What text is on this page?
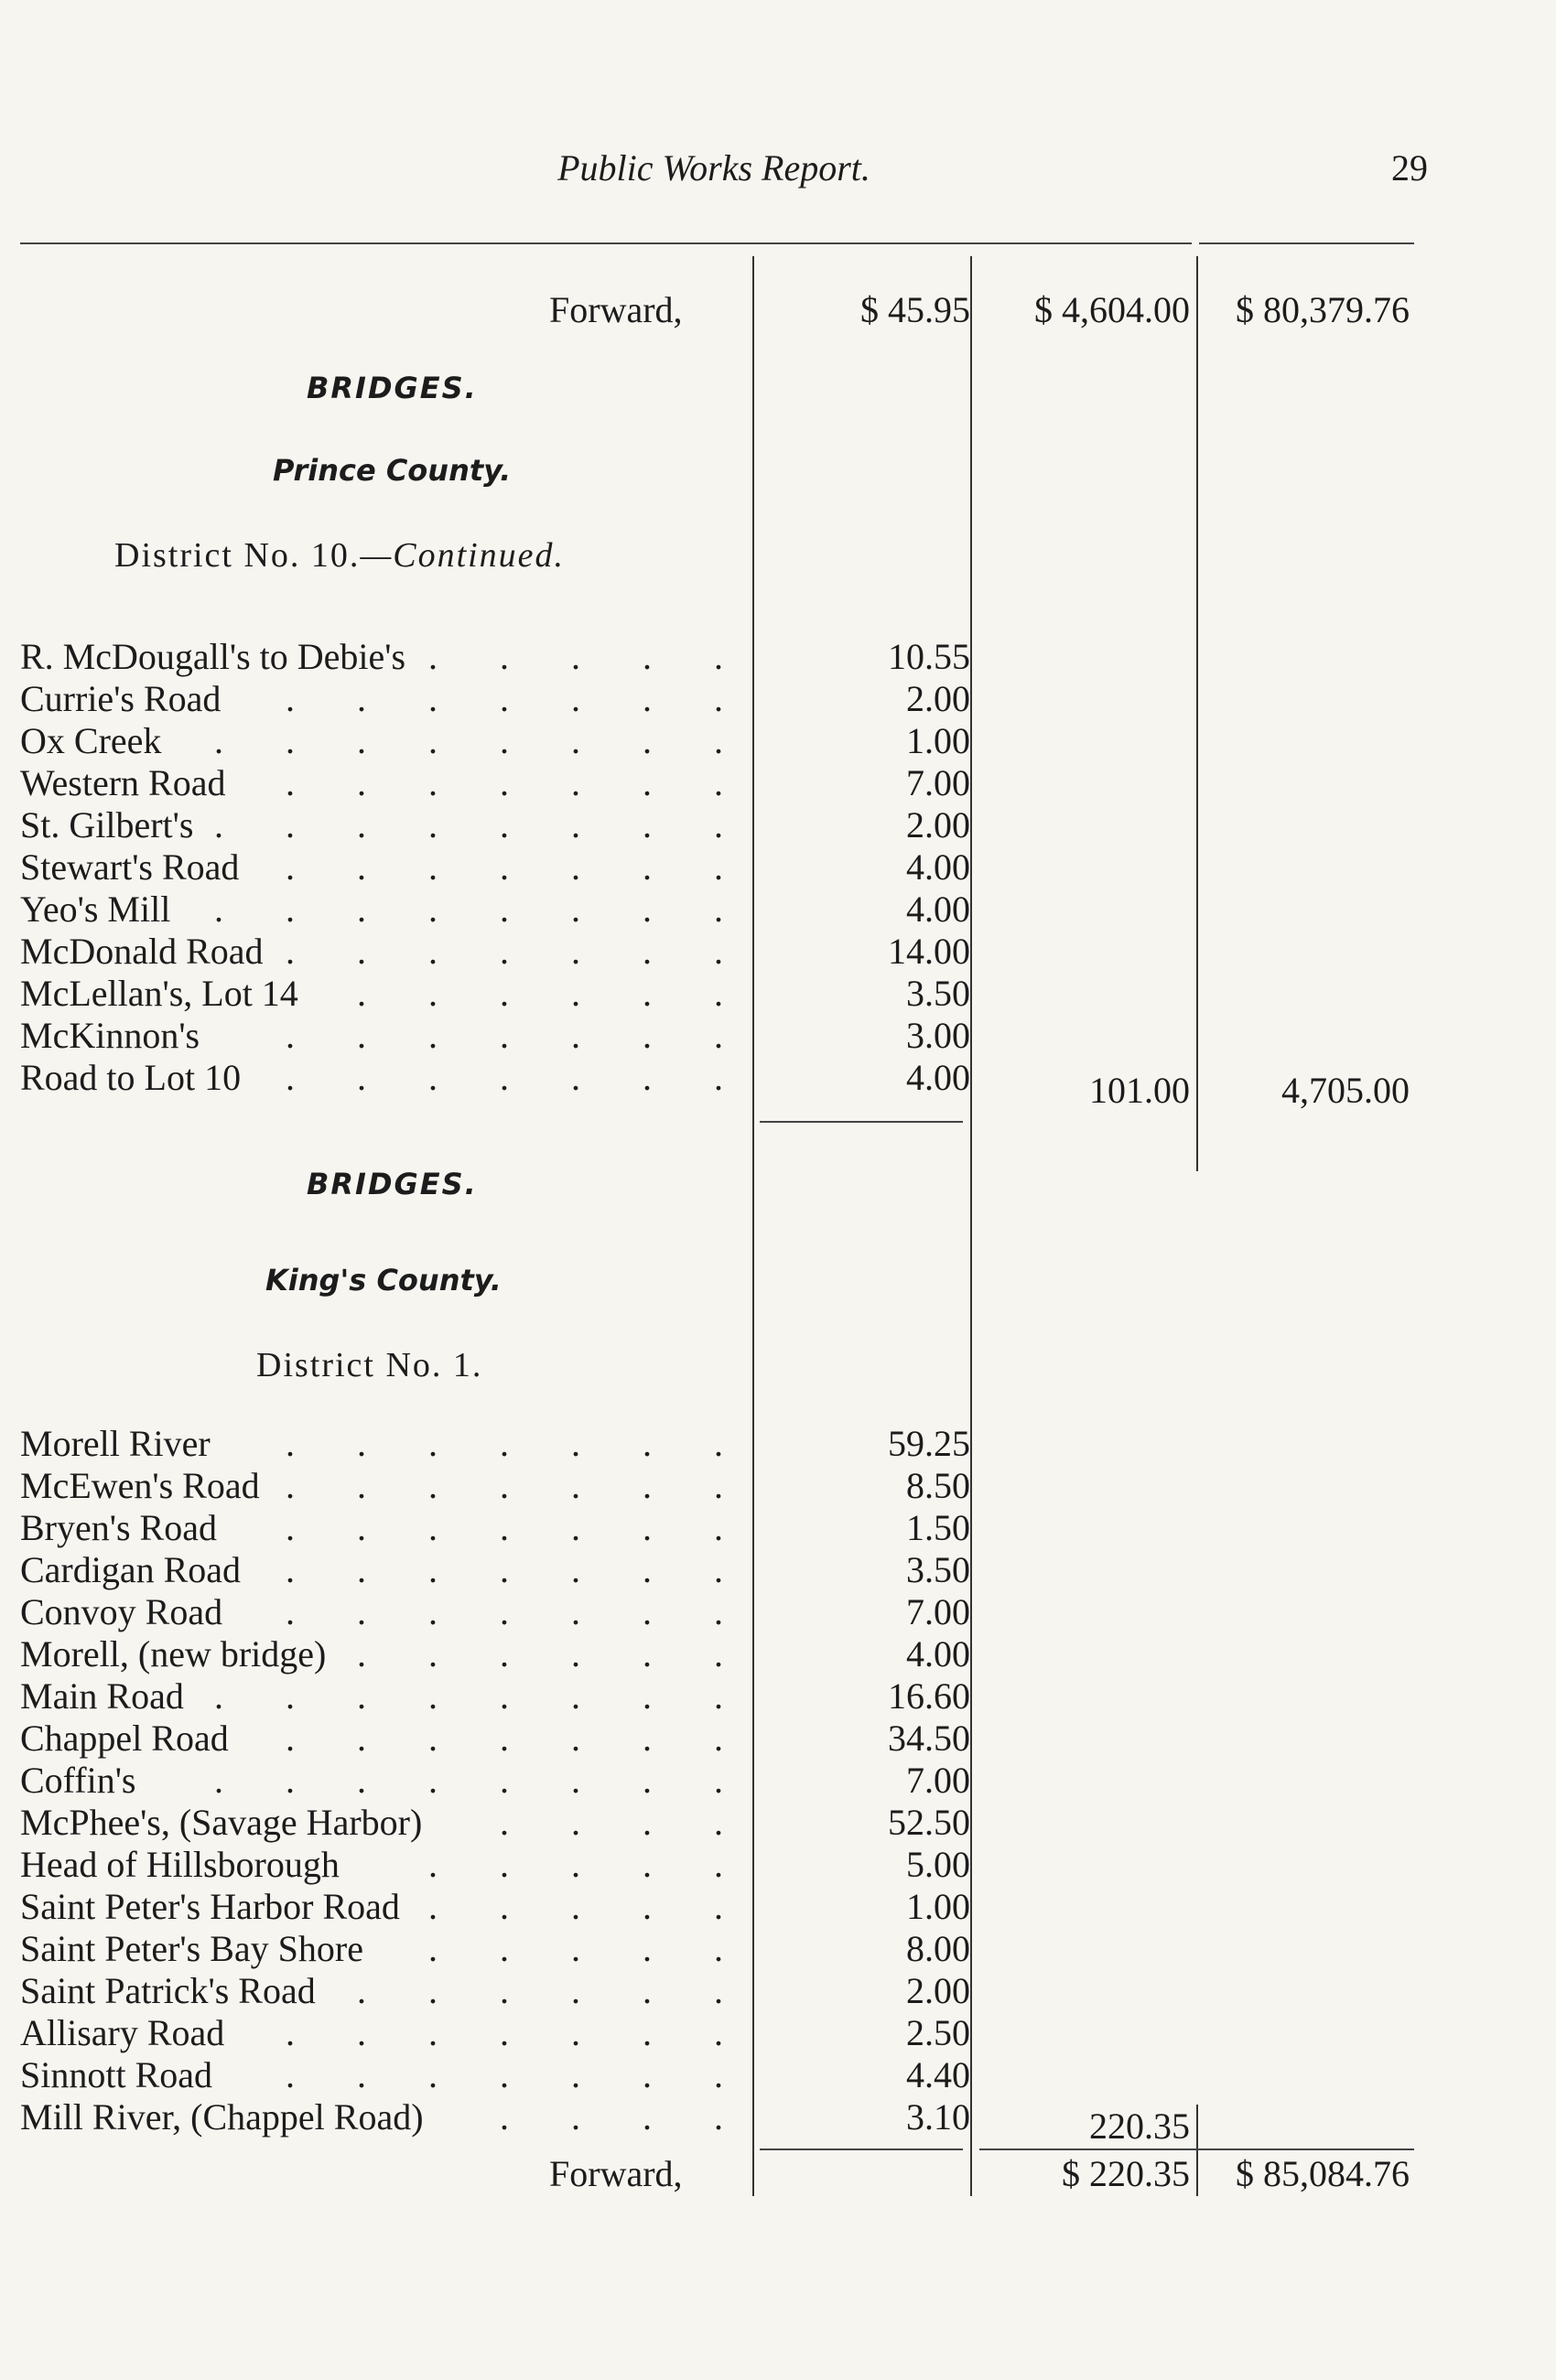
Public Works Report.	29
Forward,	$ 45.95 $ 4,604.00 $ 80,379.76
BRIDGES.
Prince County.
District No. 10.—Continued.
R. McDougall's to Debie's	10.55
. . . . .
Currie's Road	2.00
. . . . . . .
Ox Creek	1.00
. . . . . . . .
Western Road	7.00
. . . . . . .
St. Gilbert's	2.00
. . . . . . . .
Stewart's Road	4.00
. . . . . . .
Yeo's Mill	4.00
. . . . . . . .
McDonald Road	14.00
. . . . . . .
McLellan's, Lot 14	3.50
. . . . . .
McKinnon's	3.00
. . . . . . .
Road to Lot 10	4.00
. . . . . . .	101.00	4,705.00
BRIDGES.
King's County.
District No. 1.
Morell River	59.25
. . . . . . .
McEwen's Road	8.50
. . . . . . .
Bryen's Road	1.50
. . . . . . .
Cardigan Road	3.50
. . . . . . .
Convoy Road	7.00
. . . . . . .
Morell, (new bridge)	4.00
. . . . . .
Main Road	16.60
. . . . . . . .
Chappel Road	34.50
. . . . . . .
Coffin's	7.00
. . . . . . . .
McPhee's, (Savage Harbor)	52.50
. . . .
Head of Hillsborough	5.00
. . . . .
Saint Peter's Harbor Road	1.00
. . . . .
Saint Peter's Bay Shore	8.00
. . . . .
Saint Patrick's Road	2.00
. . . . . .
Allisary Road	2.50
. . . . . . .
Sinnott Road	4.40
. . . . . . .
Mill River, (Chappel Road)	3.10
. . . .	220.35
Forward,	$ 220.35 $ 85,084.76
